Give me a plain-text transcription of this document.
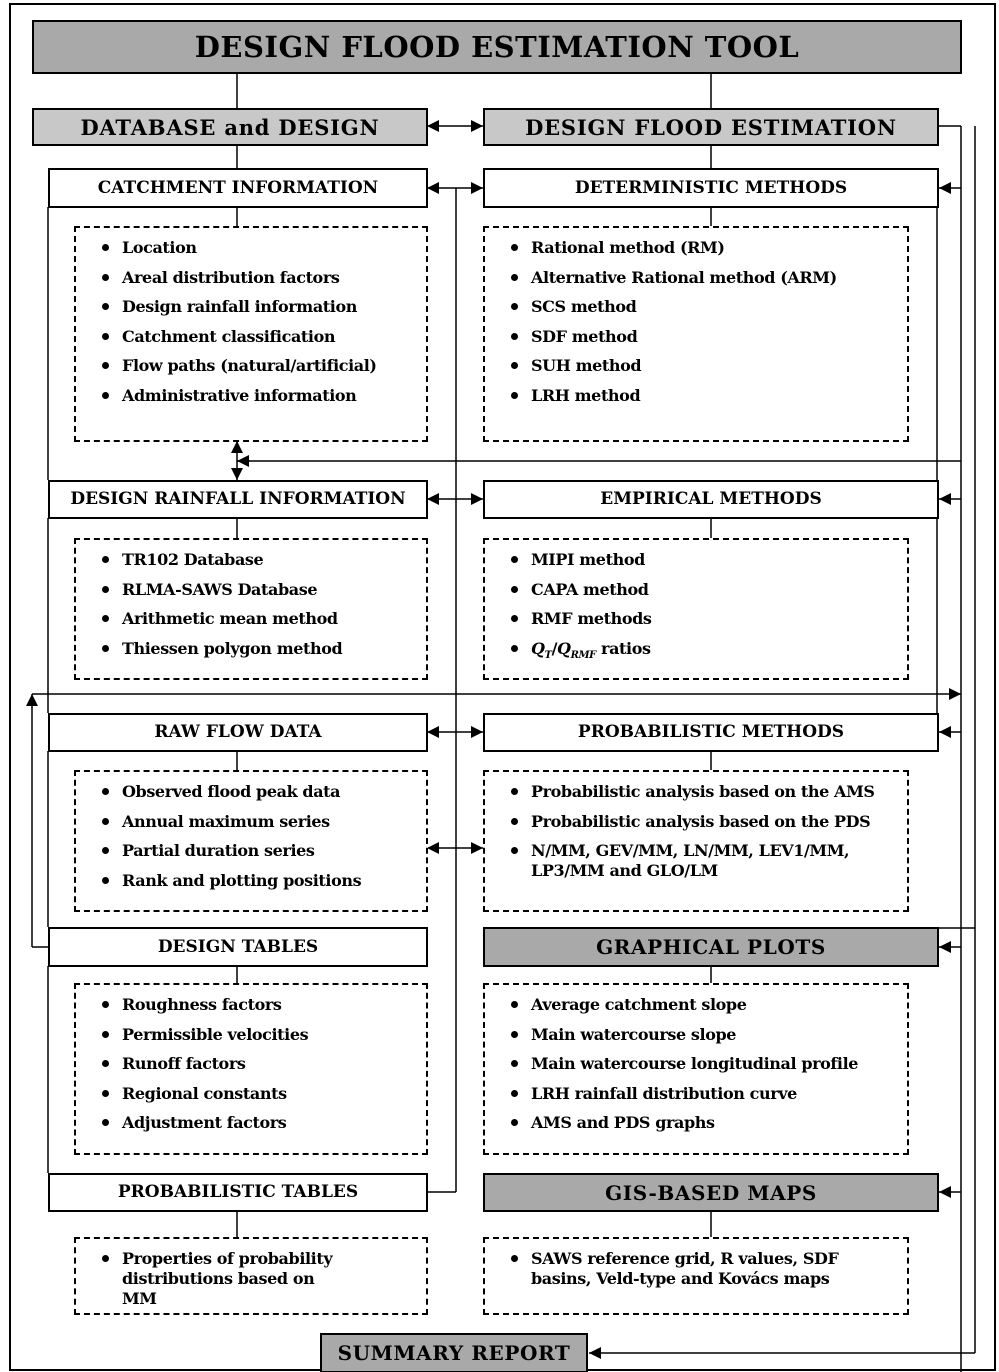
DESIGN FLOOD ESTIMATION TOOL
DATABASE and DESIGN	DESIGN FLOOD ESTIMATION
CATCHMENT INFORMATION
Location
Areal distribution factors
Design rainfall information
Catchment classification
Flow paths (natural/artificial)
Administrative information
DESIGN RAINFALL INFORMATION
TR102 Database
RLMA-SAWS Database
Arithmetic mean method
Thiessen polygon method
RAW FLOW DATA
Observed flood peak data
Annual maximum series
Partial duration series
Rank and plotting positions
DESIGN TABLES
Roughness factors
Permissible velocities
Runoff factors
Regional constants
Adjustment factors
PROBABILISTIC TABLES
Properties of probability distributions based on MM
DETERMINISTIC METHODS
Rational method (RM)
Alternative Rational method (ARM)
SCS method
SDF method
SUH method
LRH method
EMPIRICAL METHODS
MIPI method
CAPA method
RMF methods
$Q_T/Q_{RMF}$ ratios
PROBABILISTIC METHODS
Probabilistic analysis based on the AMS
Probabilistic analysis based on the PDS
N/MM, GEV/MM, LN/MM, LEV1/MM, LP3/MM and GLO/LM
GRAPHICAL PLOTS
Average catchment slope
Main watercourse slope
Main watercourse longitudinal profile
LRH rainfall distribution curve
AMS and PDS graphs
GIS-BASED MAPS
SAWS reference grid, R values, SDF basins, Veld-type and Kovács maps
SUMMARY REPORT
